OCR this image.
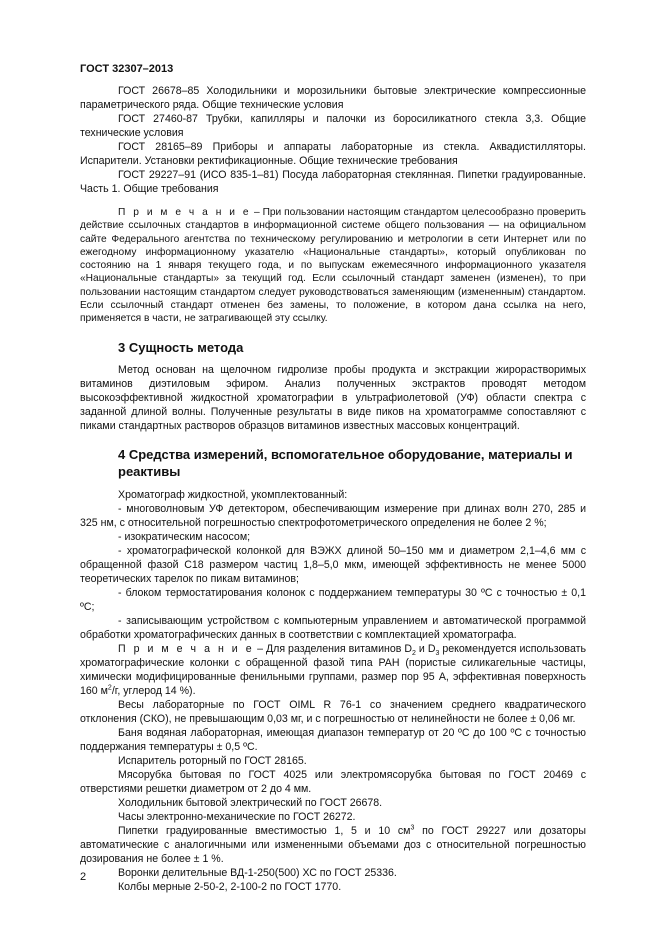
ГОСТ 32307–2013

ГОСТ 26678–85 Холодильники и морозильники бытовые электрические компрессионные параметрического ряда. Общие технические условия

ГОСТ 27460-87 Трубки, капилляры и палочки из боросиликатного стекла 3,3. Общие технические условия

ГОСТ 28165–89 Приборы и аппараты лабораторные из стекла. Аквадистилляторы. Испарители. Установки ректификационные. Общие технические требования

ГОСТ 29227–91 (ИСО 835-1–81) Посуда лабораторная стеклянная. Пипетки градуированные. Часть 1. Общие требования

П р и м е ч а н и е – При пользовании настоящим стандартом целесообразно проверить действие ссылочных стандартов в информационной системе общего пользования — на официальном сайте Федерального агентства по техническому регулированию и метрологии в сети Интернет или по ежегодному информационному указателю «Национальные стандарты», который опубликован по состоянию на 1 января текущего года, и по выпускам ежемесячного информационного указателя «Национальные стандарты» за текущий год. Если ссылочный стандарт заменен (изменен), то при пользовании настоящим стандартом следует руководствоваться заменяющим (измененным) стандартом. Если ссылочный стандарт отменен без замены, то положение, в котором дана ссылка на него, применяется в части, не затрагивающей эту ссылку.

3 Сущность метода

Метод основан на щелочном гидролизе пробы продукта и экстракции жирорастворимых витаминов диэтиловым эфиром. Анализ полученных экстрактов проводят методом высокоэффективной жидкостной хроматографии в ультрафиолетовой (УФ) области спектра с заданной длиной волны. Полученные результаты в виде пиков на хроматограмме сопоставляют с пиками стандартных растворов образцов витаминов известных массовых концентраций.

4 Средства измерений, вспомогательное оборудование, материалы и реактивы

Хроматограф жидкостной, укомплектованный:

- многоволновым УФ детектором, обеспечивающим измерение при длинах волн 270, 285 и 325 нм, с относительной погрешностью спектрофотометрического определения не более 2 %;

- изократическим насосом;

- хроматографической колонкой для ВЭЖХ длиной 50–150 мм и диаметром 2,1–4,6 мм с обращенной фазой С18 размером частиц 1,8–5,0 мкм, имеющей эффективность не менее 5000 теоретических тарелок по пикам витаминов;

- блоком термостатирования колонок с поддержанием температуры 30 ºС с точностью ± 0,1 ºС;

- записывающим устройством с компьютерным управлением и автоматической программой обработки хроматографических данных в соответствии с комплектацией хроматографа.

П р и м е ч а н и е – Для разделения витаминов $D_2$ и $D_3$ рекомендуется использовать хроматографические колонки с обращенной фазой типа РАН (пористые силикагельные частицы, химически модифицированные фенильными группами, размер пор 95 А, эффективная поверхность 160 $м^2/г$, углерод 14 %).

Весы лабораторные по ГОСТ OIML R 76-1 со значением среднего квадратического отклонения (СКО), не превышающим 0,03 мг, и с погрешностью от нелинейности не более ± 0,06 мг.

Баня водяная лабораторная, имеющая диапазон температур от 20 ºС до 100 ºС с точностью поддержания температуры ± 0,5 ºС.

Испаритель роторный по ГОСТ 28165.

Мясорубка бытовая по ГОСТ 4025 или электромясорубка бытовая по ГОСТ 20469 с отверстиями решетки диаметром от 2 до 4 мм.

Холодильник бытовой электрический по ГОСТ 26678.

Часы электронно-механические по ГОСТ 26272.

Пипетки градуированные вместимостью 1, 5 и 10 $см^3$ по ГОСТ 29227 или дозаторы автоматические с аналогичными или измененными объемами доз с относительной погрешностью дозирования не более ± 1 %.

Воронки делительные ВД-1-250(500) ХС по ГОСТ 25336.

Колбы мерные 2-50-2, 2-100-2 по ГОСТ 1770.

2
